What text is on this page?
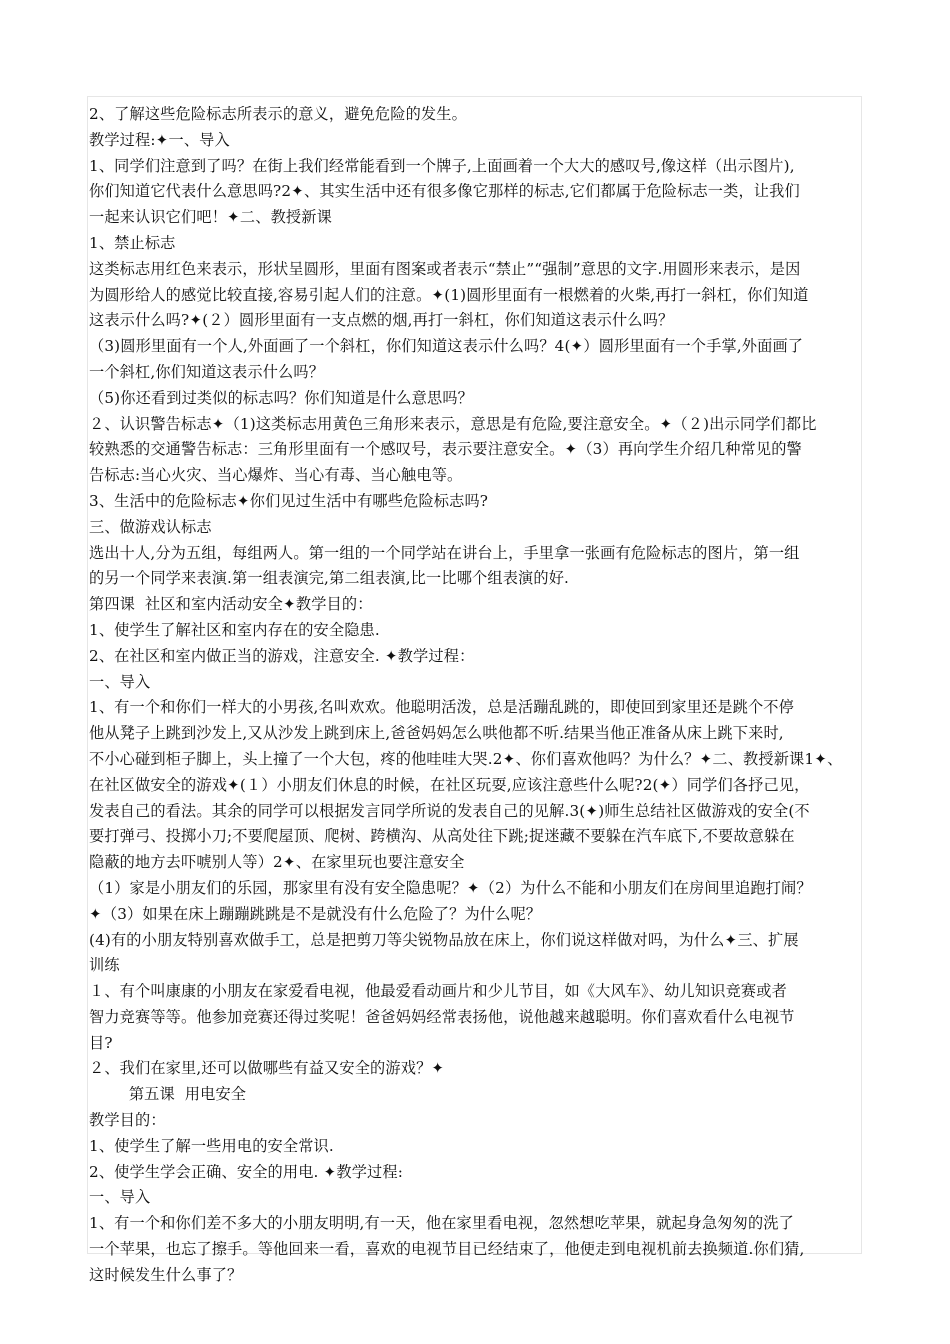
2、了解这些危险标志所表示的意义，避免危险的发生。
教学过程:✦一、导入
1、同学们注意到了吗？在街上我们经常能看到一个牌子,上面画着一个大大的感叹号,像这样（出示图片),
你们知道它代表什么意思吗?2✦、其实生活中还有很多像它那样的标志,它们都属于危险标志一类，让我们
一起来认识它们吧！✦二、教授新课
1、禁止标志
这类标志用红色来表示，形状呈圆形，里面有图案或者表示“禁止”“强制”意思的文字.用圆形来表示，是因
为圆形给人的感觉比较直接,容易引起人们的注意。✦(1)圆形里面有一根燃着的火柴,再打一斜杠，你们知道
这表示什么吗?✦(２）圆形里面有一支点燃的烟,再打一斜杠，你们知道这表示什么吗？
（3)圆形里面有一个人,外面画了一个斜杠，你们知道这表示什么吗？4(✦）圆形里面有一个手掌,外面画了
一个斜杠,你们知道这表示什么吗？
（5)你还看到过类似的标志吗？你们知道是什么意思吗？
２、认识警告标志✦（1)这类标志用黄色三角形来表示，意思是有危险,要注意安全。✦（２)出示同学们都比
较熟悉的交通警告标志：三角形里面有一个感叹号，表示要注意安全。✦（3）再向学生介绍几种常见的警
告标志:当心火灾、当心爆炸、当心有毒、当心触电等。
3、生活中的危险标志✦你们见过生活中有哪些危险标志吗?
三、做游戏认标志
选出十人,分为五组，每组两人。第一组的一个同学站在讲台上，手里拿一张画有危险标志的图片，第一组
的另一个同学来表演.第一组表演完,第二组表演,比一比哪个组表演的好.
第四课  社区和室内活动安全✦教学目的：
1、使学生了解社区和室内存在的安全隐患.
2、在社区和室内做正当的游戏，注意安全. ✦教学过程：
一、导入
1、有一个和你们一样大的小男孩,名叫欢欢。他聪明活泼，总是活蹦乱跳的，即使回到家里还是跳个不停
他从凳子上跳到沙发上,又从沙发上跳到床上,爸爸妈妈怎么哄他都不听.结果当他正准备从床上跳下来时,
不小心碰到柜子脚上，头上撞了一个大包，疼的他哇哇大哭.2✦、你们喜欢他吗？为什么？✦二、教授新课1✦、
在社区做安全的游戏✦(１）小朋友们休息的时候，在社区玩耍,应该注意些什么呢?2(✦）同学们各抒己见，
发表自己的看法。其余的同学可以根据发言同学所说的发表自己的见解.3(✦)师生总结社区做游戏的安全(不
要打弹弓、投掷小刀;不要爬屋顶、爬树、跨横沟、从高处往下跳;捉迷藏不要躲在汽车底下,不要故意躲在
隐蔽的地方去吓唬别人等）2✦、在家里玩也要注意安全
（1）家是小朋友们的乐园，那家里有没有安全隐患呢？✦（2）为什么不能和小朋友们在房间里追跑打闹？
✦（3）如果在床上蹦蹦跳跳是不是就没有什么危险了？为什么呢？
(4)有的小朋友特别喜欢做手工，总是把剪刀等尖锐物品放在床上，你们说这样做对吗，为什么✦三、扩展
训练
１、有个叫康康的小朋友在家爱看电视，他最爱看动画片和少儿节目，如《大风车》、幼儿知识竞赛或者
智力竞赛等等。他参加竞赛还得过奖呢！爸爸妈妈经常表扬他，说他越来越聪明。你们喜欢看什么电视节
目?
２、我们在家里,还可以做哪些有益又安全的游戏？✦
第五课  用电安全
教学目的：
1、使学生了解一些用电的安全常识.
2、使学生学会正确、安全的用电. ✦教学过程:
一、导入
1、有一个和你们差不多大的小朋友明明,有一天，他在家里看电视，忽然想吃苹果，就起身急匆匆的洗了
一个苹果，也忘了擦手。等他回来一看，喜欢的电视节目已经结束了，他便走到电视机前去换频道.你们猜,
这时候发生什么事了？
